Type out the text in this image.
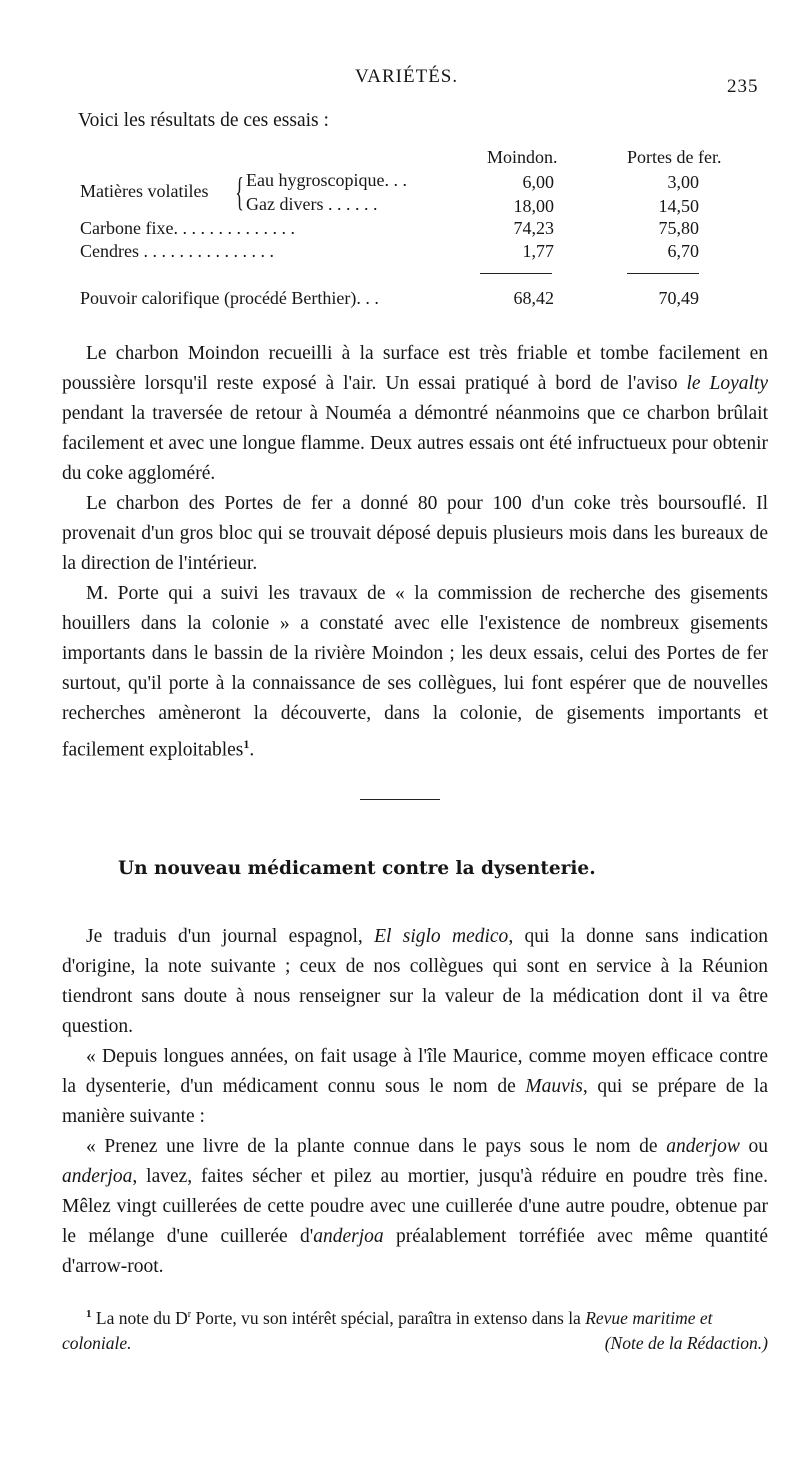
VARIÉTÉS.	235
Voici les résultats de ces essais :
Moindon.	Portes de fer.
Matières volatiles { Eau hygroscopique. . .	6,00	3,00
Gaz divers . . . . . .	18,00	14,50
Carbone fixe. . . . . . . . . . . . . .	74,23	75,80
Cendres . . . . . . . . . . . . . . .	1,77	6,70
Pouvoir calorifique (procédé Berthier). . .	68,42	70,49

Le charbon Moindon recueilli à la surface est très friable et tombe facilement en poussière lorsqu'il reste exposé à l'air. Un essai pratiqué à bord de l'aviso le Loyalty pendant la traversée de retour à Nouméa a démontré néanmoins que ce charbon brûlait facilement et avec une longue flamme. Deux autres essais ont été infructueux pour obtenir du coke aggloméré.

Le charbon des Portes de fer a donné 80 pour 100 d'un coke très boursouflé. Il provenait d'un gros bloc qui se trouvait déposé depuis plusieurs mois dans les bureaux de la direction de l'intérieur.

M. Porte qui a suivi les travaux de « la commission de recherche des gisements houillers dans la colonie » a constaté avec elle l'existence de nombreux gisements importants dans le bassin de la rivière Moindon ; les deux essais, celui des Portes de fer surtout, qu'il porte à la connaissance de ses collègues, lui font espérer que de nouvelles recherches amèneront la découverte, dans la colonie, de gisements importants et facilement exploitables$^1$.

Un nouveau médicament contre la dysenterie.

Je traduis d'un journal espagnol, El siglo medico, qui la donne sans indication d'origine, la note suivante ; ceux de nos collègues qui sont en service à la Réunion tiendront sans doute à nous renseigner sur la valeur de la médication dont il va être question.

« Depuis longues années, on fait usage à l'île Maurice, comme moyen efficace contre la dysenterie, d'un médicament connu sous le nom de Mauvis, qui se prépare de la manière suivante :

« Prenez une livre de la plante connue dans le pays sous le nom de anderjow ou anderjoa, lavez, faites sécher et pilez au mortier, jusqu'à réduire en poudre très fine. Mêlez vingt cuillerées de cette poudre avec une cuillerée d'une autre poudre, obtenue par le mélange d'une cuillerée d'anderjoa préalablement torréfiée avec même quantité d'arrow-root.

$^1$ La note du $D^r$ Porte, vu son intérêt spécial, paraîtra in extenso dans la Revue maritime et coloniale.	(Note de la Rédaction.)
